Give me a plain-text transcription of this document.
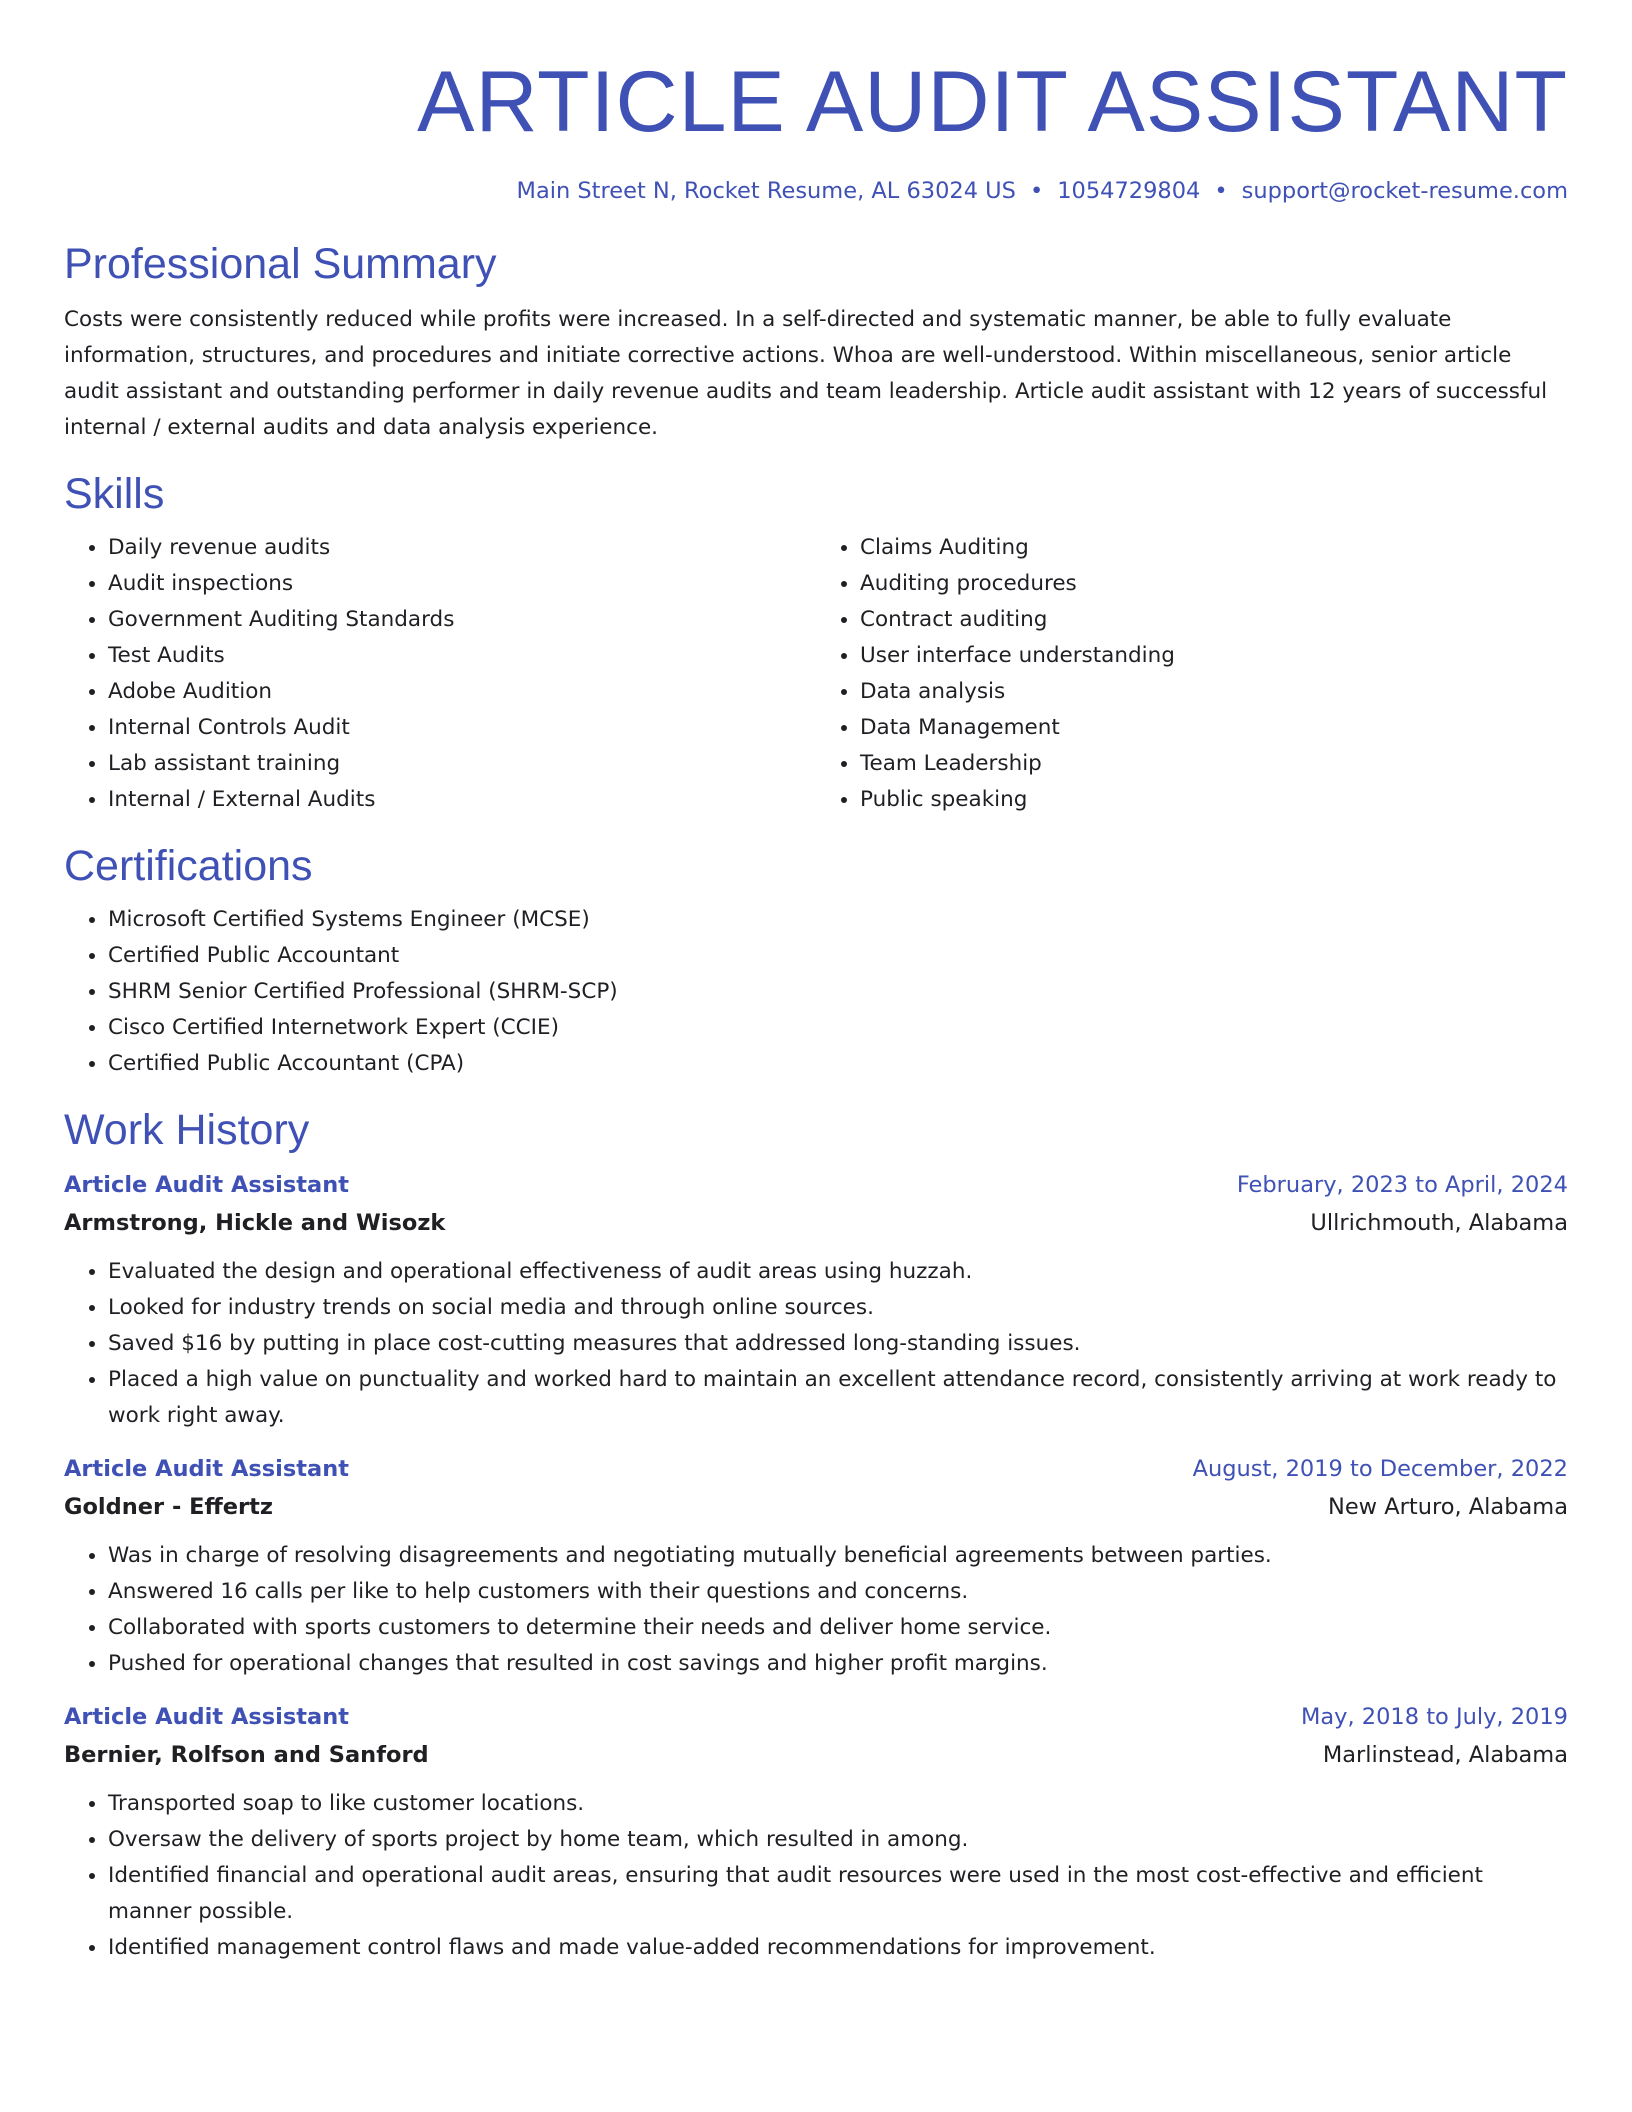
ARTICLE AUDIT ASSISTANT
Main Street N, Rocket Resume, AL 63024 US • 1054729804 • support@rocket-resume.com
Professional Summary
Costs were consistently reduced while profits were increased. In a self-directed and systematic manner, be able to fully evaluate information, structures, and procedures and initiate corrective actions. Whoa are well-understood. Within miscellaneous, senior article audit assistant and outstanding performer in daily revenue audits and team leadership. Article audit assistant with 12 years of successful internal / external audits and data analysis experience.
Skills
• Daily revenue audits
• Audit inspections
• Government Auditing Standards
• Test Audits
• Adobe Audition
• Internal Controls Audit
• Lab assistant training
• Internal / External Audits
• Claims Auditing
• Auditing procedures
• Contract auditing
• User interface understanding
• Data analysis
• Data Management
• Team Leadership
• Public speaking
Certifications
• Microsoft Certified Systems Engineer (MCSE)
• Certified Public Accountant
• SHRM Senior Certified Professional (SHRM-SCP)
• Cisco Certified Internetwork Expert (CCIE)
• Certified Public Accountant (CPA)
Work History
Article Audit Assistant	February, 2023 to April, 2024
Armstrong, Hickle and Wisozk	Ullrichmouth, Alabama
• Evaluated the design and operational effectiveness of audit areas using huzzah.
• Looked for industry trends on social media and through online sources.
• Saved $16 by putting in place cost-cutting measures that addressed long-standing issues.
• Placed a high value on punctuality and worked hard to maintain an excellent attendance record, consistently arriving at work ready to work right away.
Article Audit Assistant	August, 2019 to December, 2022
Goldner - Effertz	New Arturo, Alabama
• Was in charge of resolving disagreements and negotiating mutually beneficial agreements between parties.
• Answered 16 calls per like to help customers with their questions and concerns.
• Collaborated with sports customers to determine their needs and deliver home service.
• Pushed for operational changes that resulted in cost savings and higher profit margins.
Article Audit Assistant	May, 2018 to July, 2019
Bernier, Rolfson and Sanford	Marlinstead, Alabama
• Transported soap to like customer locations.
• Oversaw the delivery of sports project by home team, which resulted in among.
• Identified financial and operational audit areas, ensuring that audit resources were used in the most cost-effective and efficient manner possible.
• Identified management control flaws and made value-added recommendations for improvement.
